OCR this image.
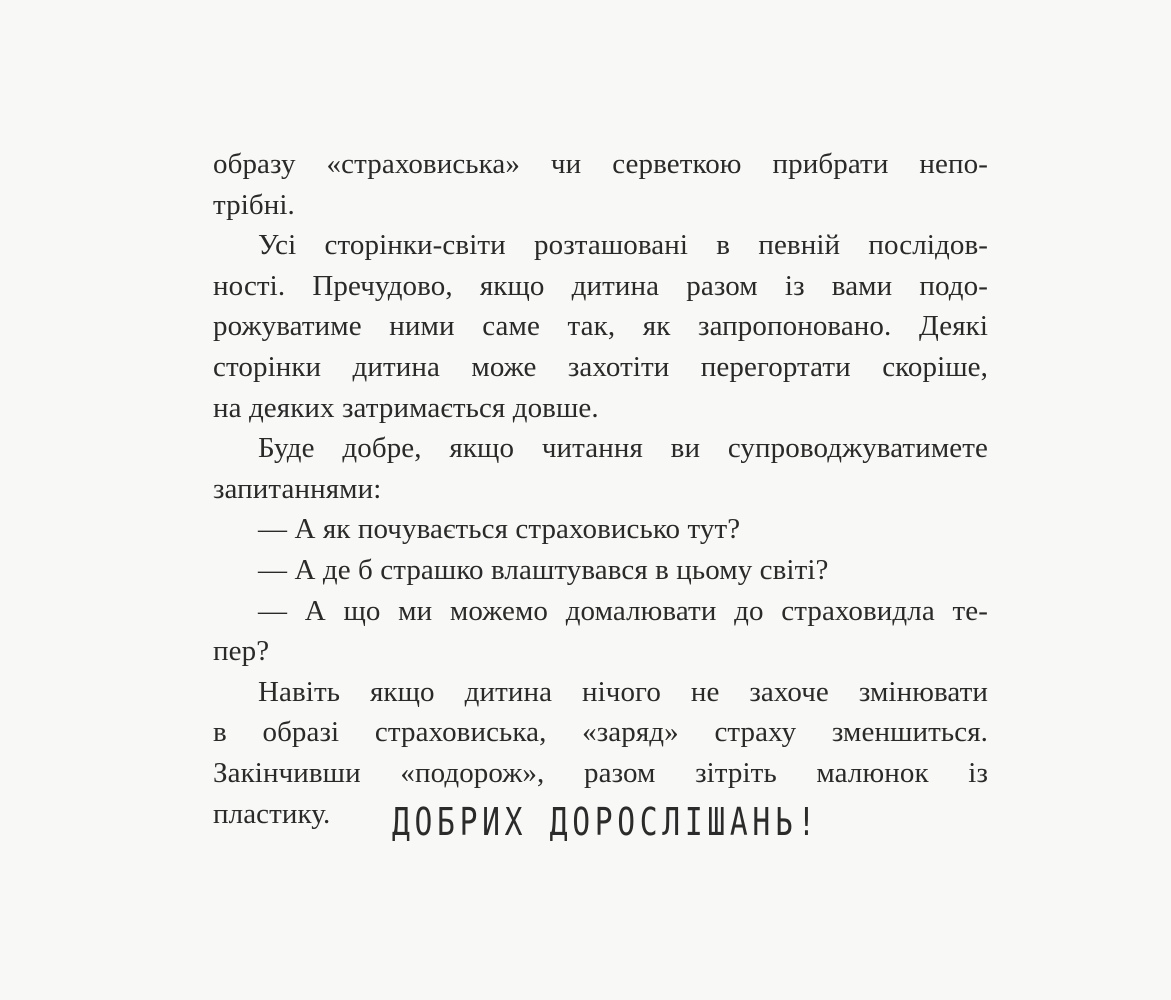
образу «страховиська» чи серветкою прибрати непо-
трібні.
Усі сторінки-світи розташовані в певній послідов-
ності. Пречудово, якщо дитина разом із вами подо-
рожуватиме ними саме так, як запропоновано. Деякі
сторінки дитина може захотіти перегортати скоріше,
на деяких затримається довше.
Буде добре, якщо читання ви супроводжуватимете
запитаннями:
— А як почувається страховисько тут?
— А де б страшко влаштувався в цьому світі?
— А що ми можемо домалювати до страховидла те-
пер?
Навіть якщо дитина нічого не захоче змінювати
в образі страховиська, «заряд» страху зменшиться.
Закінчивши «подорож», разом зітріть малюнок із
пластику.	ДОБРИХ ДОРОСЛІШАНЬ!
